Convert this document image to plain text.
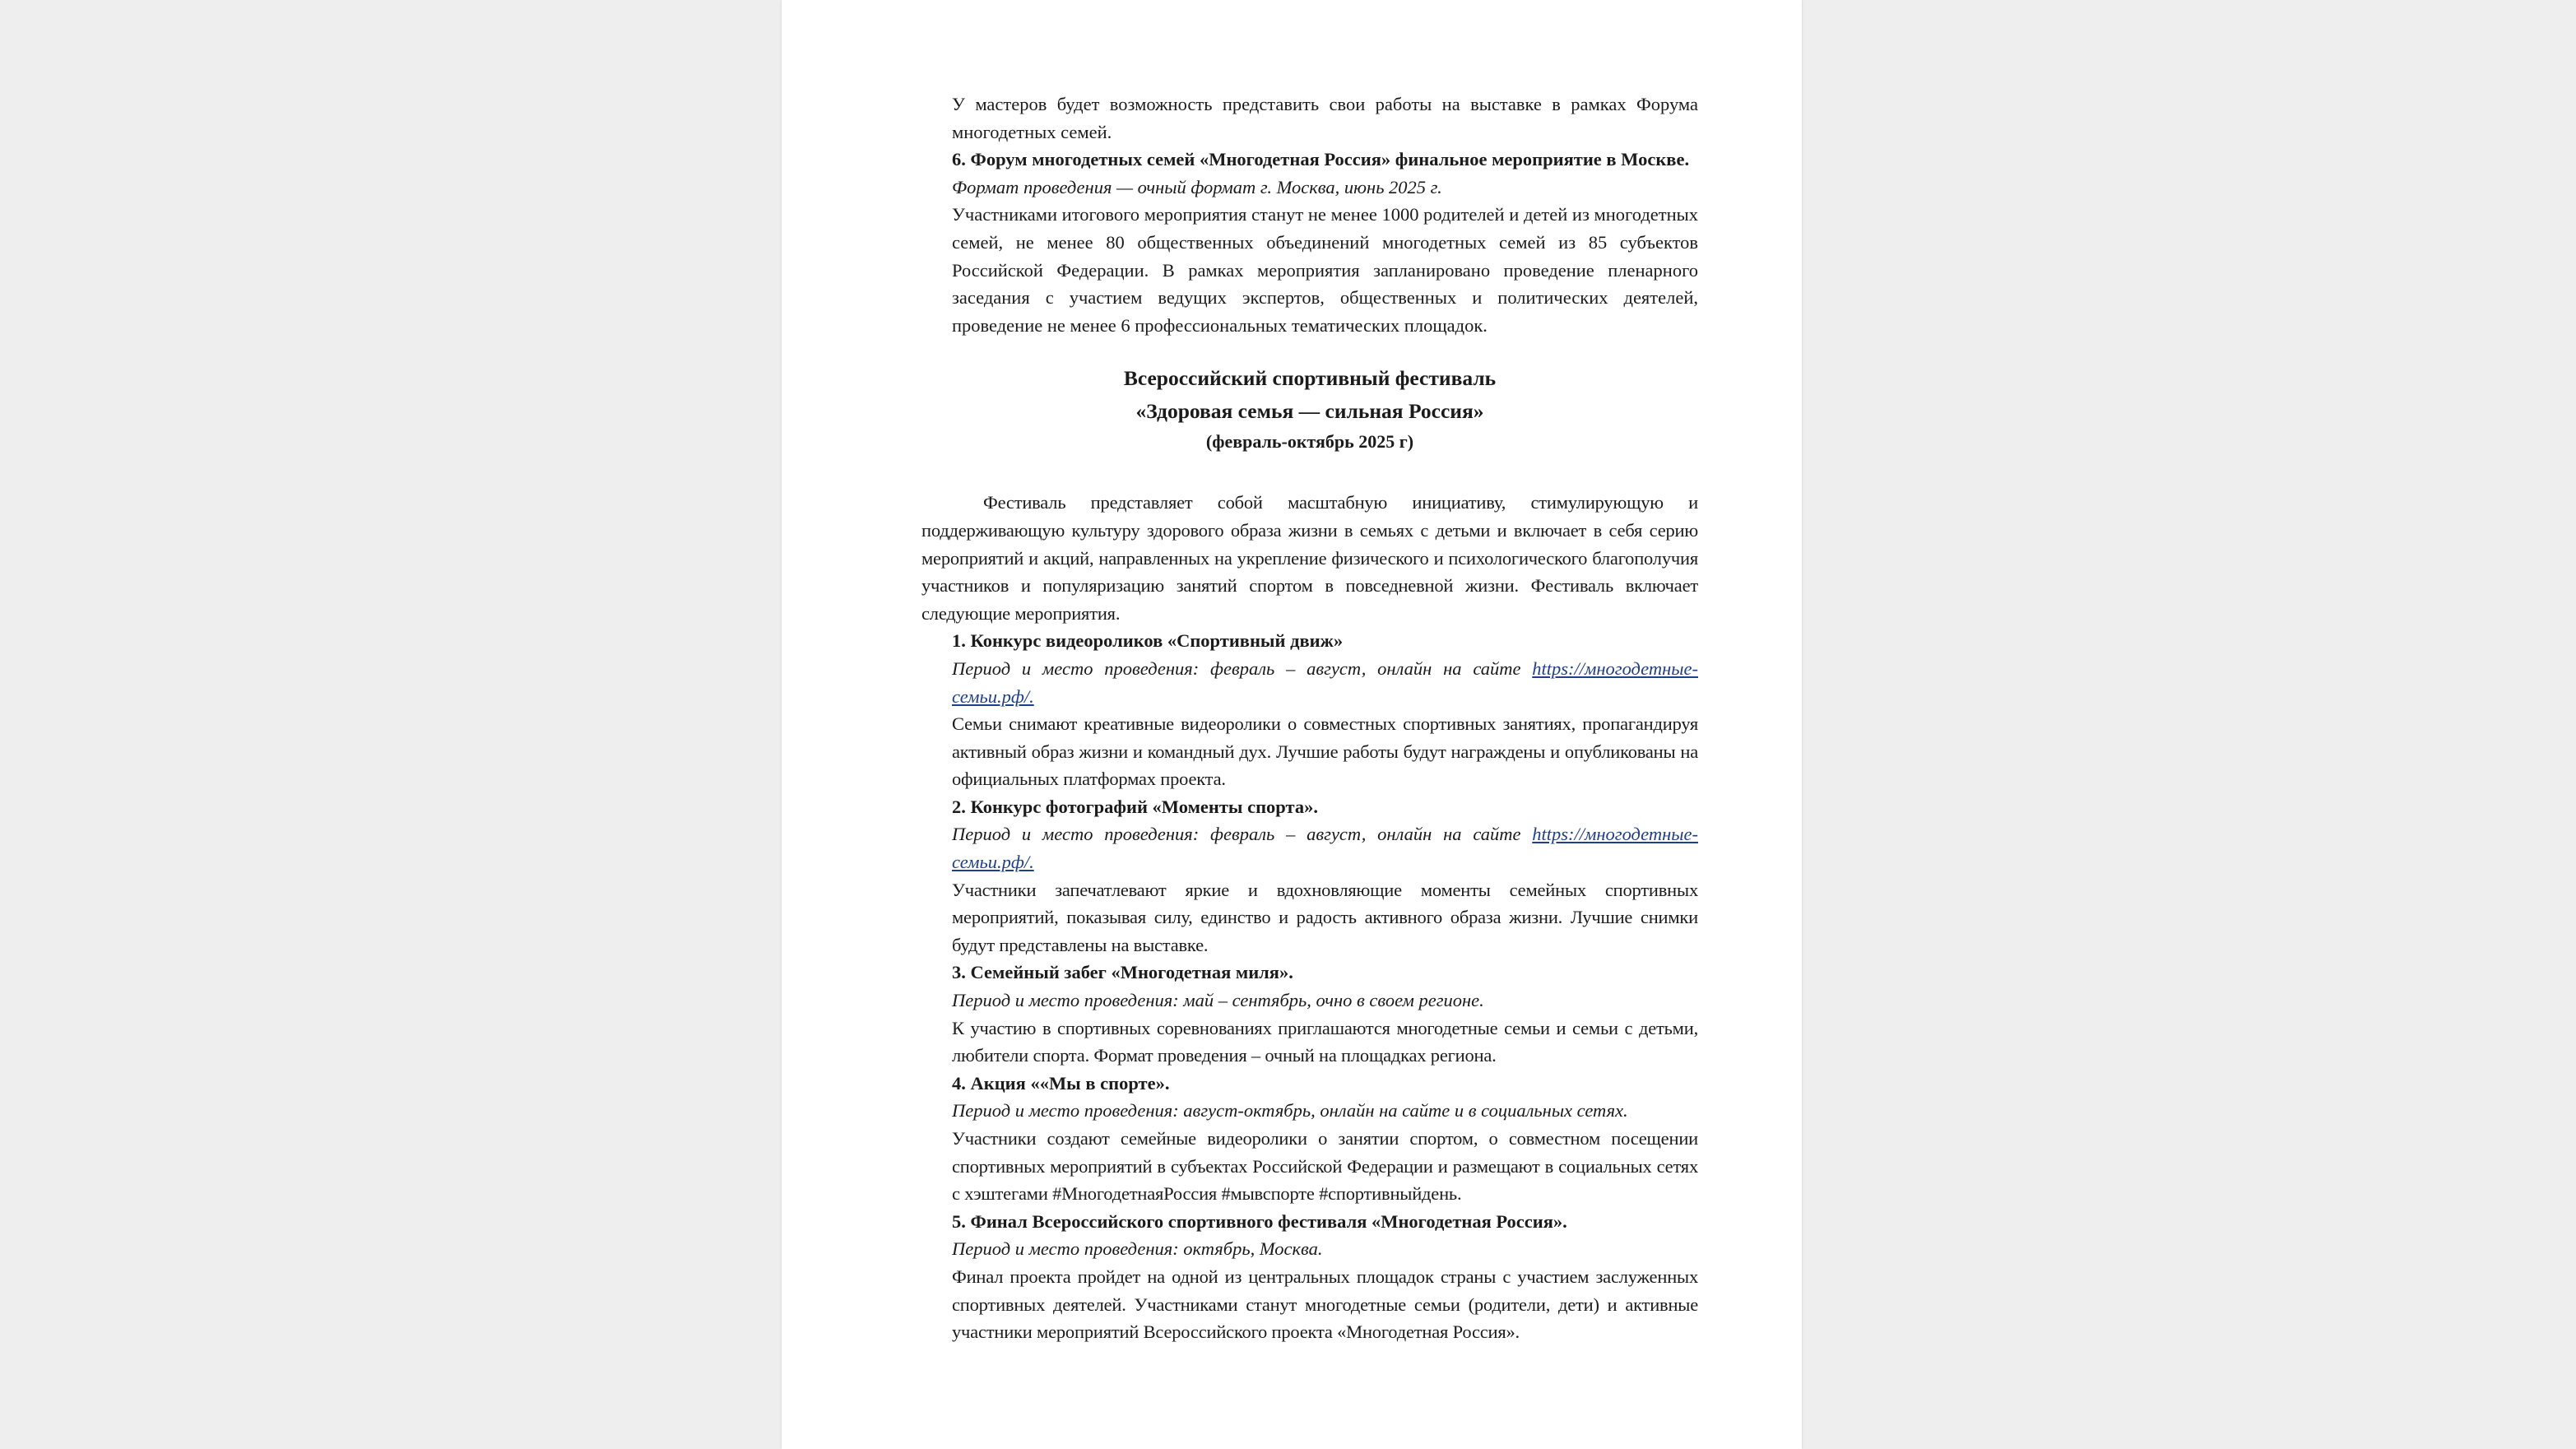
У мастеров будет возможность представить свои работы на выставке в рамках Форума многодетных семей.

6. Форум многодетных семей «Многодетная Россия» финальное мероприятие в Москве.

Формат проведения — очный формат г. Москва, июнь 2025 г.

Участниками итогового мероприятия станут не менее 1000 родителей и детей из многодетных семей, не менее 80 общественных объединений многодетных семей из 85 субъектов Российской Федерации. В рамках мероприятия запланировано проведение пленарного заседания с участием ведущих экспертов, общественных и политических деятелей, проведение не менее 6 профессиональных тематических площадок.

Всероссийский спортивный фестиваль
«Здоровая семья — сильная Россия»
(февраль-октябрь 2025 г)

Фестиваль представляет собой масштабную инициативу, стимулирующую и поддерживающую культуру здорового образа жизни в семьях с детьми и включает в себя серию мероприятий и акций, направленных на укрепление физического и психологического благополучия участников и популяризацию занятий спортом в повседневной жизни. Фестиваль включает следующие мероприятия.

1. Конкурс видеороликов «Спортивный движ»

Период и место проведения: февраль – август, онлайн на сайте https://многодетные-семьи.рф/.

Семьи снимают креативные видеоролики о совместных спортивных занятиях, пропагандируя активный образ жизни и командный дух. Лучшие работы будут награждены и опубликованы на официальных платформах проекта.

2. Конкурс фотографий «Моменты спорта».

Период и место проведения: февраль – август, онлайн на сайте https://многодетные-семьи.рф/.

Участники запечатлевают яркие и вдохновляющие моменты семейных спортивных мероприятий, показывая силу, единство и радость активного образа жизни. Лучшие снимки будут представлены на выставке.

3. Семейный забег «Многодетная миля».

Период и место проведения: май – сентябрь, очно в своем регионе.

К участию в спортивных соревнованиях приглашаются многодетные семьи и семьи с детьми, любители спорта. Формат проведения – очный на площадках региона.

4. Акция ««Мы в спорте».

Период и место проведения: август-октябрь, онлайн на сайте и в социальных сетях.

Участники создают семейные видеоролики о занятии спортом, о совместном посещении спортивных мероприятий в субъектах Российской Федерации и размещают в социальных сетях с хэштегами #МногодетнаяРоссия #мывспорте #спортивныйдень.

5. Финал Всероссийского спортивного фестиваля «Многодетная Россия».

Период и место проведения: октябрь, Москва.

Финал проекта пройдет на одной из центральных площадок страны с участием заслуженных спортивных деятелей. Участниками станут многодетные семьи (родители, дети) и активные участники мероприятий Всероссийского проекта «Многодетная Россия».
